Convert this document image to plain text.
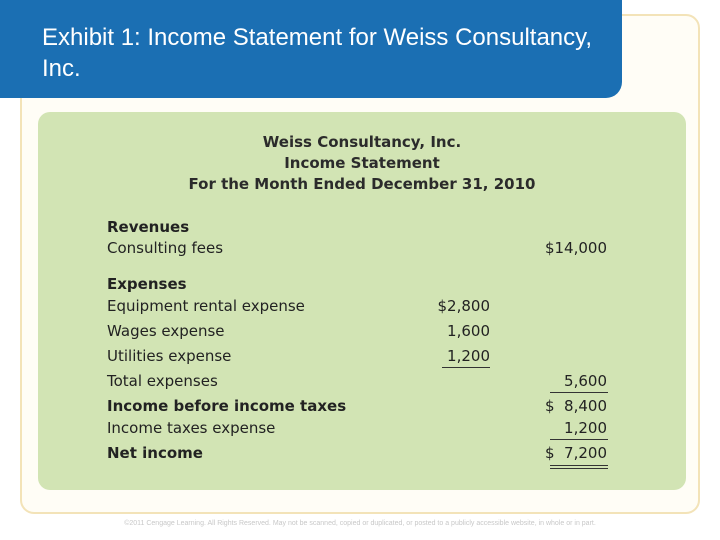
Exhibit 1: Income Statement for Weiss Consultancy, Inc.
Weiss Consultancy, Inc.
Income Statement
For the Month Ended December 31, 2010
Revenues
Consulting fees	$14,000
Expenses
Equipment rental expense	$2,800
Wages expense	1,600
Utilities expense	1,200
Total expenses	5,600
Income before income taxes	$  8,400
Income taxes expense	1,200
Net income	$  7,200
©2011 Cengage Learning. All Rights Reserved. May not be scanned, copied or duplicated, or posted to a publicly accessible website, in whole or in part.
